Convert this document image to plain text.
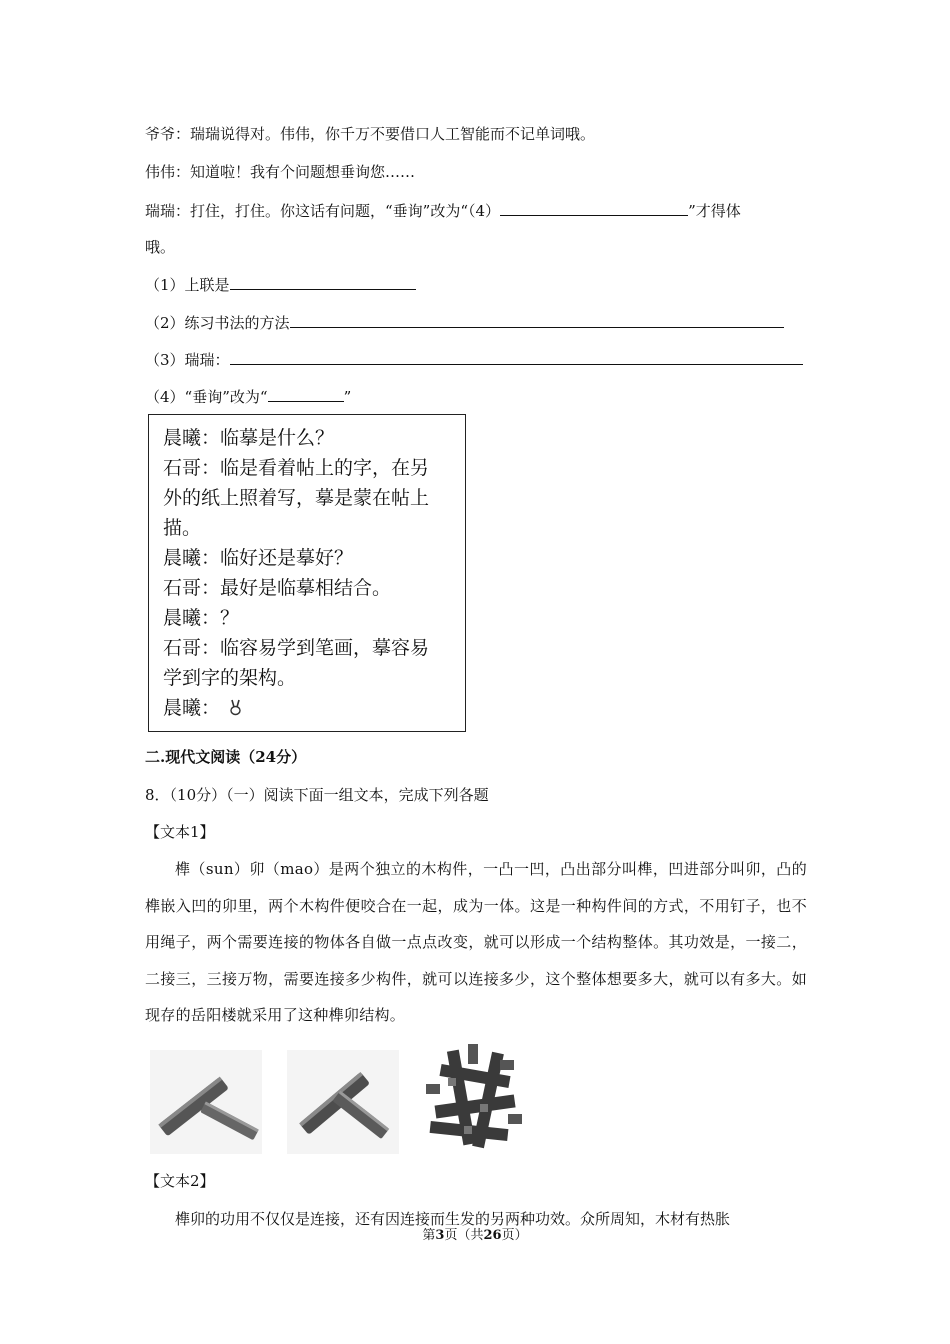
爷爷：瑞瑞说得对。伟伟，你千万不要借口人工智能而不记单词哦。
伟伟：知道啦！我有个问题想垂询您……
瑞瑞：打住，打住。你这话有问题，“垂询”改为“（4）	”才得体
哦。
（1）上联是
（2）练习书法的方法
（3）瑞瑞：
（4）“垂询”改为“	”
晨曦：临摹是什么？
石哥：临是看着帖上的字，在另
外的纸上照着写，摹是蒙在帖上
描。
晨曦：临好还是摹好？
石哥：最好是临摹相结合。
晨曦：？
石哥：临容易学到笔画，摹容易
学到字的架构。
晨曦：
二.现代文阅读（24分）
8．（10分）（一）阅读下面一组文本，完成下列各题
【文本1】
榫（sun）卯（mao）是两个独立的木构件，一凸一凹，凸出部分叫榫，凹进部分叫卯，凸的榫嵌入凹的卯里，两个木构件便咬合在一起，成为一体。这是一种构件间的方式，不用钉子，也不用绳子，两个需要连接的物体各自做一点点改变，就可以形成一个结构整体。其功效是，一接二，二接三，三接万物，需要连接多少构件，就可以连接多少，这个整体想要多大，就可以有多大。如现存的岳阳楼就采用了这种榫卯结构。
【文本2】
榫卯的功用不仅仅是连接，还有因连接而生发的另两种功效。众所周知，木材有热胀
第3页（共26页）
